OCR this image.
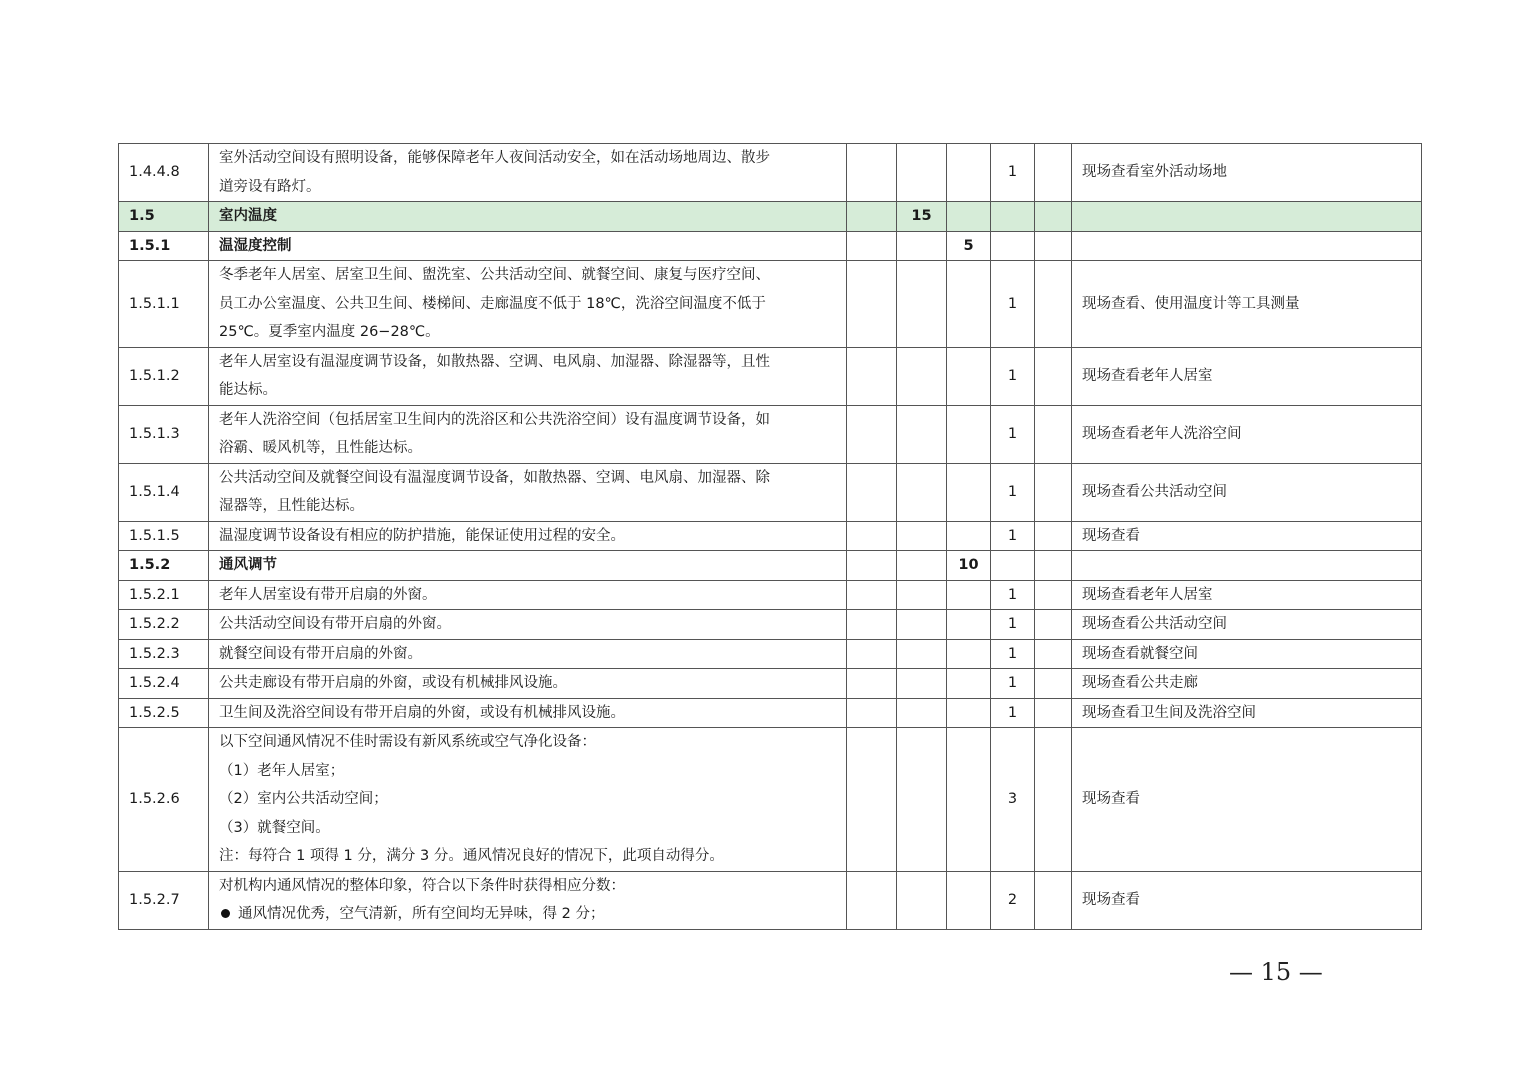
1.4.4.8	室外活动空间设有照明设备，能够保障老年人夜间活动安全，如在活动场地周边、散步
道旁设有路灯。				1		现场查看室外活动场地
1.5	室内温度		15				
1.5.1	温湿度控制			5			
1.5.1.1	冬季老年人居室、居室卫生间、盥洗室、公共活动空间、就餐空间、康复与医疗空间、
员工办公室温度、公共卫生间、楼梯间、走廊温度不低于 18℃，洗浴空间温度不低于
25℃。夏季室内温度 26−28℃。				1		现场查看、使用温度计等工具测量
1.5.1.2	老年人居室设有温湿度调节设备，如散热器、空调、电风扇、加湿器、除湿器等，且性
能达标。				1		现场查看老年人居室
1.5.1.3	老年人洗浴空间（包括居室卫生间内的洗浴区和公共洗浴空间）设有温度调节设备，如
浴霸、暖风机等，且性能达标。				1		现场查看老年人洗浴空间
1.5.1.4	公共活动空间及就餐空间设有温湿度调节设备，如散热器、空调、电风扇、加湿器、除
湿器等，且性能达标。				1		现场查看公共活动空间
1.5.1.5	温湿度调节设备设有相应的防护措施，能保证使用过程的安全。				1		现场查看
1.5.2	通风调节			10			
1.5.2.1	老年人居室设有带开启扇的外窗。				1		现场查看老年人居室
1.5.2.2	公共活动空间设有带开启扇的外窗。				1		现场查看公共活动空间
1.5.2.3	就餐空间设有带开启扇的外窗。				1		现场查看就餐空间
1.5.2.4	公共走廊设有带开启扇的外窗，或设有机械排风设施。				1		现场查看公共走廊
1.5.2.5	卫生间及洗浴空间设有带开启扇的外窗，或设有机械排风设施。				1		现场查看卫生间及洗浴空间
1.5.2.6	以下空间通风情况不佳时需设有新风系统或空气净化设备：
（1）老年人居室；
（2）室内公共活动空间；
（3）就餐空间。
注：每符合 1 项得 1 分，满分 3 分。通风情况良好的情况下，此项自动得分。				3		现场查看
1.5.2.7	对机构内通风情况的整体印象，符合以下条件时获得相应分数：
通风情况优秀，空气清新，所有空间均无异味，得 2 分；				2		现场查看
— 15 —
